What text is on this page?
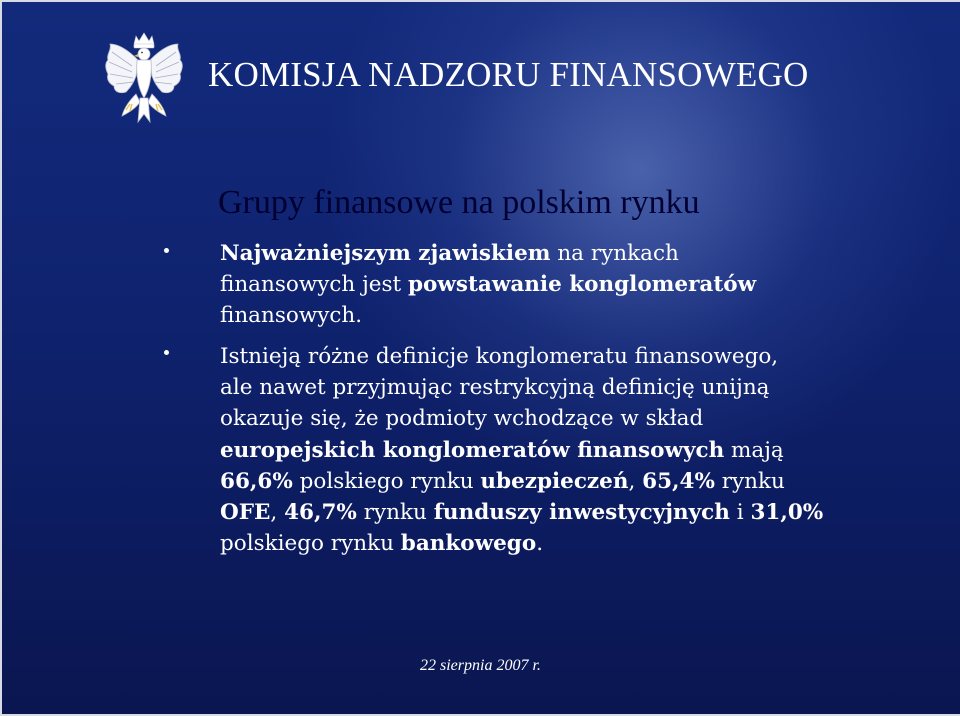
KOMISJA NADZORU FINANSOWEGO
Grupy finansowe na polskim rynku

Najważniejszym zjawiskiem na rynkach
finansowych jest powstawanie konglomeratów
finansowych.

Istnieją różne definicje konglomeratu finansowego,
ale nawet przyjmując restrykcyjną definicję unijną
okazuje się, że podmioty wchodzące w skład
europejskich konglomeratów finansowych mają
66,6% polskiego rynku ubezpieczeń, 65,4% rynku
OFE, 46,7% rynku funduszy inwestycyjnych i 31,0%
polskiego rynku bankowego.

22 sierpnia 2007 r.
